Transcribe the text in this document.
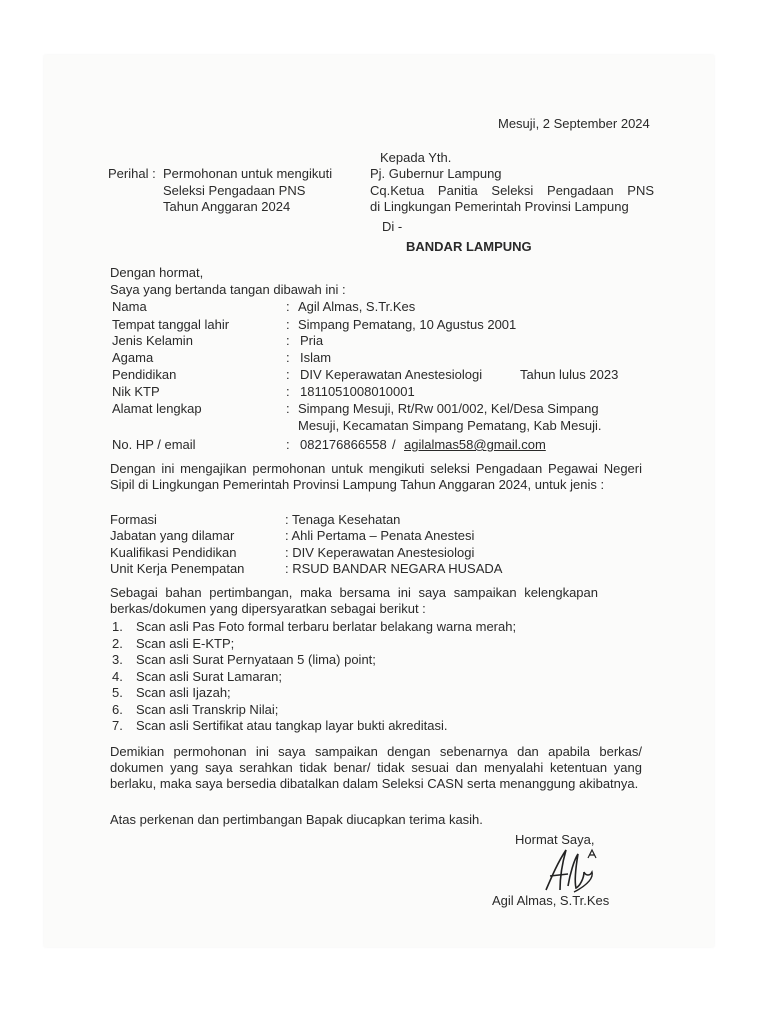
Mesuji, 2 September 2024
Kepada Yth.
Pj. Gubernur Lampung
Cq.Ketua Panitia Seleksi Pengadaan PNS
di Lingkungan Pemerintah Provinsi Lampung
Di -
BANDAR LAMPUNG
Perihal : Permohonan untuk mengikuti
Seleksi Pengadaan PNS
Tahun Anggaran 2024
Dengan hormat,
Saya yang bertanda tangan dibawah ini :
Nama	: Agil Almas, S.Tr.Kes
Tempat tanggal lahir	: Simpang Pematang, 10 Agustus 2001
Jenis Kelamin	: Pria
Agama	: Islam
Pendidikan	: DIV Keperawatan Anestesiologi	Tahun lulus 2023
Nik KTP	: 1811051008010001
Alamat lengkap	: Simpang Mesuji, Rt/Rw 001/002, Kel/Desa Simpang
Mesuji, Kecamatan Simpang Pematang, Kab Mesuji.
No. HP / email	: 082176866558 / agilalmas58@gmail.com
Dengan ini mengajikan permohonan untuk mengikuti seleksi Pengadaan Pegawai Negeri Sipil di Lingkungan Pemerintah Provinsi Lampung Tahun Anggaran 2024, untuk jenis :
Formasi	: Tenaga Kesehatan
Jabatan yang dilamar	: Ahli Pertama – Penata Anestesi
Kualifikasi Pendidikan	: DIV Keperawatan Anestesiologi
Unit Kerja Penempatan	: RSUD BANDAR NEGARA HUSADA
Sebagai bahan pertimbangan, maka bersama ini saya sampaikan kelengkapan berkas/dokumen yang dipersyaratkan sebagai berikut :
1. Scan asli Pas Foto formal terbaru berlatar belakang warna merah;
2. Scan asli E-KTP;
3. Scan asli Surat Pernyataan 5 (lima) point;
4. Scan asli Surat Lamaran;
5. Scan asli Ijazah;
6. Scan asli Transkrip Nilai;
7. Scan asli Sertifikat atau tangkap layar bukti akreditasi.
Demikian permohonan ini saya sampaikan dengan sebenarnya dan apabila berkas/ dokumen yang saya serahkan tidak benar/ tidak sesuai dan menyalahi ketentuan yang berlaku, maka saya bersedia dibatalkan dalam Seleksi CASN serta menanggung akibatnya.
Atas perkenan dan pertimbangan Bapak diucapkan terima kasih.
Hormat Saya,
Agil Almas, S.Tr.Kes
